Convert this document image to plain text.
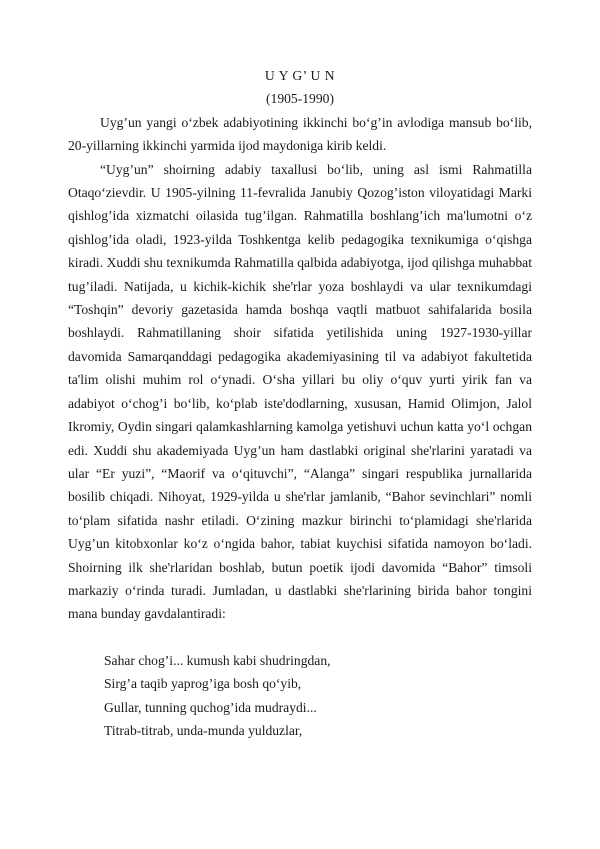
U Y G’ U N

(1905-1990)

Uyg’un yangi o‘zbek adabiyotining ikkinchi bo‘g’in avlodiga mansub bo‘lib, 20-yillarning ikkinchi yarmida ijod maydoniga kirib keldi.

“Uyg’un” shoirning adabiy taxallusi bo‘lib, uning asl ismi Rahmatilla Otaqo‘zievdir. U 1905-yilning 11-fevralida Janubiy Qozog’iston viloyatidagi Marki qishlog’ida xizmatchi oilasida tug’ilgan. Rahmatilla boshlang’ich ma'lumotni o‘z qishlog’ida oladi, 1923-yilda Toshkentga kelib pedagogika texnikumiga o‘qishga kiradi. Xuddi shu texnikumda Rahmatilla qalbida adabiyotga, ijod qilishga muhabbat tug’iladi. Natijada, u kichik-kichik she'rlar yoza boshlaydi va ular texnikumdagi “Toshqin” devoriy gazetasida hamda boshqa vaqtli matbuot sahifalarida bosila boshlaydi. Rahmatillaning shoir sifatida yetilishida uning 1927-1930-yillar davomida Samarqanddagi pedagogika akademiyasining til va adabiyot fakultetida ta'lim olishi muhim rol o‘ynadi. O‘sha yillari bu oliy o‘quv yurti yirik fan va adabiyot o‘chog’i bo‘lib, ko‘plab iste'dodlarning, xususan, Hamid Olimjon, Jalol Ikromiy, Oydin singari qalamkashlarning kamolga yetishuvi uchun katta yo‘l ochgan edi. Xuddi shu akademiyada Uyg’un ham dastlabki original she'rlarini yaratadi va ular “Er yuzi”, “Maorif va o‘qituvchi”, “Alanga” singari respublika jurnallarida bosilib chiqadi. Nihoyat, 1929-yilda u she'rlar jamlanib, “Bahor sevinchlari” nomli to‘plam sifatida nashr etiladi. O‘zining mazkur birinchi to‘plamidagi she'rlarida Uyg’un kitobxonlar ko‘z o‘ngida bahor, tabiat kuychisi sifatida namoyon bo‘ladi. Shoirning ilk she'rlaridan boshlab, butun poetik ijodi davomida “Bahor” timsoli markaziy o‘rinda turadi. Jumladan, u dastlabki she'rlarining birida bahor tongini mana bunday gavdalantiradi:

Sahar chog’i... kumush kabi shudringdan,
Sirg’a taqib yaprog’iga bosh qo‘yib,
Gullar, tunning quchog’ida mudraydi...
Titrab-titrab, unda-munda yulduzlar,
